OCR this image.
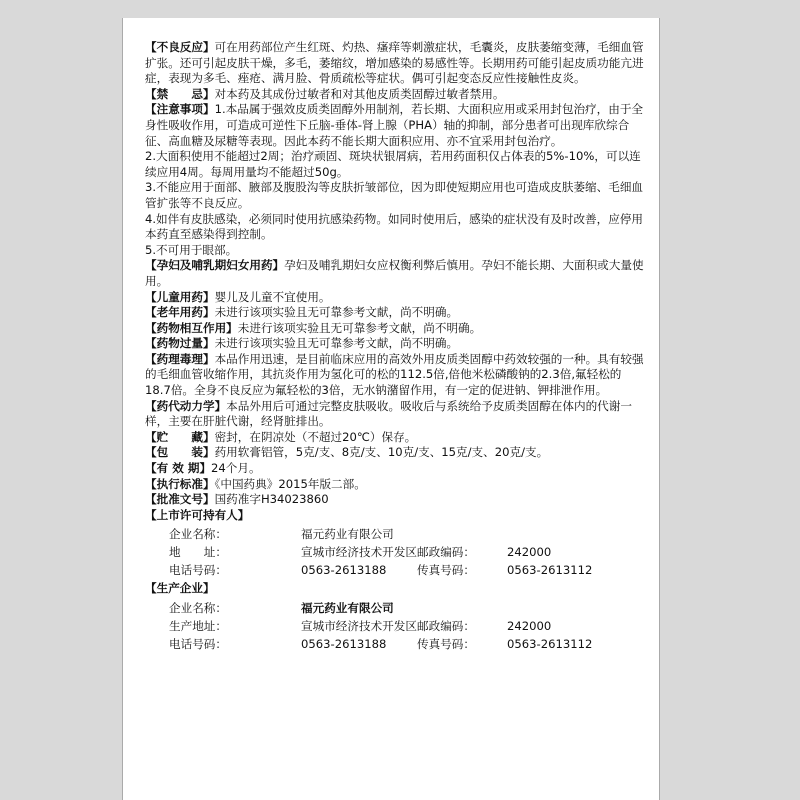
【不良反应】可在用药部位产生红斑、灼热、瘙痒等刺激症状，毛囊炎，皮肤萎缩变薄，毛细血管扩张。还可引起皮肤干燥，多毛，萎缩纹，增加感染的易感性等。长期用药可能引起皮质功能亢进症，表现为多毛、痤疮、满月脸、骨质疏松等症状。偶可引起变态反应性接触性皮炎。
【禁　　忌】对本药及其成份过敏者和对其他皮质类固醇过敏者禁用。
【注意事项】1.本品属于强效皮质类固醇外用制剂，若长期、大面积应用或采用封包治疗，由于全身性吸收作用，可造成可逆性下丘脑-垂体-肾上腺（PHA）轴的抑制，部分患者可出现库欣综合征、高血糖及尿糖等表现。因此本药不能长期大面积应用、亦不宜采用封包治疗。
2.大面积使用不能超过2周；治疗顽固、斑块状银屑病，若用药面积仅占体表的5%-10%，可以连续应用4周。每周用量均不能超过50g。
3.不能应用于面部、腋部及腹股沟等皮肤折皱部位，因为即使短期应用也可造成皮肤萎缩、毛细血管扩张等不良反应。
4.如伴有皮肤感染，必须同时使用抗感染药物。如同时使用后，感染的症状没有及时改善，应停用本药直至感染得到控制。
5.不可用于眼部。
【孕妇及哺乳期妇女用药】孕妇及哺乳期妇女应权衡利弊后慎用。孕妇不能长期、大面积或大量使用。
【儿童用药】婴儿及儿童不宜使用。
【老年用药】未进行该项实验且无可靠参考文献，尚不明确。
【药物相互作用】未进行该项实验且无可靠参考文献，尚不明确。
【药物过量】未进行该项实验且无可靠参考文献，尚不明确。
【药理毒理】本品作用迅速，是目前临床应用的高效外用皮质类固醇中药效较强的一种。具有较强的毛细血管收缩作用，其抗炎作用为氢化可的松的112.5倍,倍他米松磷酸钠的2.3倍,氟轻松的18.7倍。全身不良反应为氟轻松的3倍，无水钠潴留作用，有一定的促进钠、钾排泄作用。
【药代动力学】本品外用后可通过完整皮肤吸收。吸收后与系统给予皮质类固醇在体内的代谢一样，主要在肝脏代谢，经肾脏排出。
【贮　　藏】密封，在阴凉处（不超过20℃）保存。
【包　　装】药用软膏铝管，5克/支、8克/支、10克/支、15克/支、20克/支。
【有 效 期】24个月。
【执行标准】《中国药典》2015年版二部。
【批准文号】国药准字H34023860
【上市许可持有人】
企业名称：	福元药业有限公司
地　　址：	宣城市经济技术开发区 邮政编码：	242000
电话号码：	0563-2613188	传真号码：	0563-2613112
【生产企业】
企业名称：	福元药业有限公司
生产地址：	宣城市经济技术开发区 邮政编码：	242000
电话号码：	0563-2613188	传真号码：	0563-2613112
